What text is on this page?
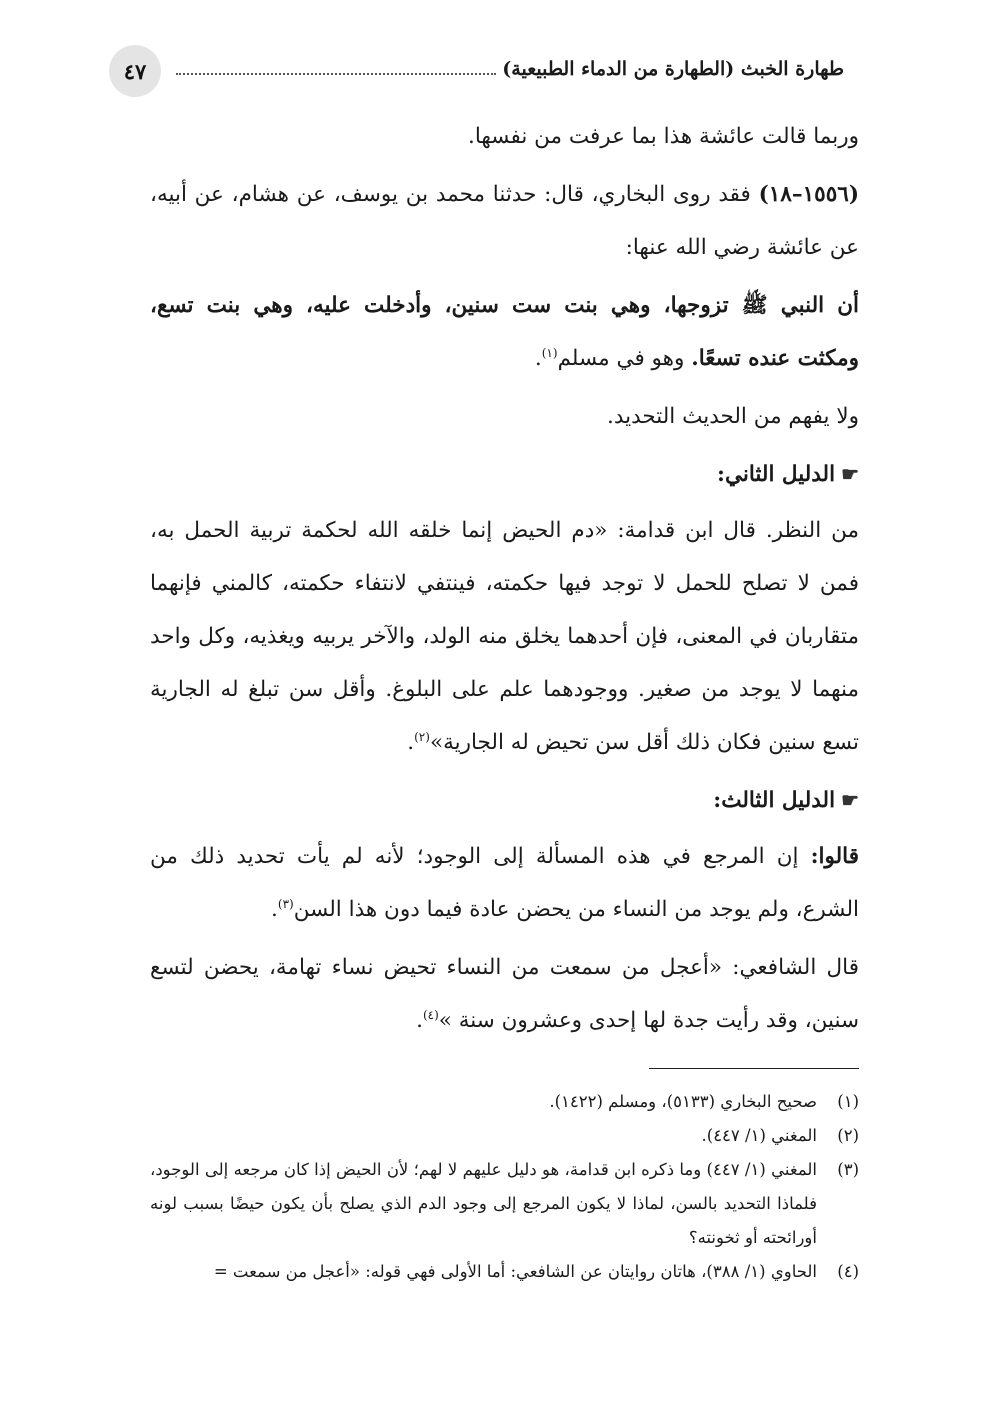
٤٧	طهارة الخبث (الطهارة من الدماء الطبيعية)

وربما قالت عائشة هذا بما عرفت من نفسها.

(١٥٥٦–١٨) فقد روى البخاري، قال: حدثنا محمد بن يوسف، عن هشام، عن أبيه، عن عائشة رضي الله عنها:

أن النبي ﷺ تزوجها، وهي بنت ست سنين، وأدخلت عليه، وهي بنت تسع، ومكثت عنده تسعًا. وهو في مسلم$^{(١)}$.

ولا يفهم من الحديث التحديد.

☛الدليل الثاني:

من النظر. قال ابن قدامة: «دم الحيض إنما خلقه الله لحكمة تربية الحمل به، فمن لا تصلح للحمل لا توجد فيها حكمته، فينتفي لانتفاء حكمته، كالمني فإنهما متقاربان في المعنى، فإن أحدهما يخلق منه الولد، والآخر يربيه ويغذيه، وكل واحد منهما لا يوجد من صغير. ووجودهما علم على البلوغ. وأقل سن تبلغ له الجارية تسع سنين فكان ذلك أقل سن تحيض له الجارية»$^{(٢)}$.

☛الدليل الثالث:

قالوا: إن المرجع في هذه المسألة إلى الوجود؛ لأنه لم يأت تحديد ذلك من الشرع، ولم يوجد من النساء من يحضن عادة فيما دون هذا السن$^{(٣)}$.

قال الشافعي: «أعجل من سمعت من النساء تحيض نساء تهامة، يحضن لتسع سنين، وقد رأيت جدة لها إحدى وعشرون سنة »$^{(٤)}$.

(١)
صحيح البخاري (٥١٣٣)، ومسلم (١٤٢٢).
(٢)
المغني (١/ ٤٤٧).
(٣)
المغني (١/ ٤٤٧) وما ذكره ابن قدامة، هو دليل عليهم لا لهم؛ لأن الحيض إذا كان مرجعه إلى الوجود، فلماذا التحديد بالسن، لماذا لا يكون المرجع إلى وجود الدم الذي يصلح بأن يكون حيضًا بسبب لونه أورائحته أو ثخونته؟
(٤)
الحاوي (١/ ٣٨٨)، هاتان روايتان عن الشافعي: أما الأولى فهي قوله: «أعجل من سمعت =
